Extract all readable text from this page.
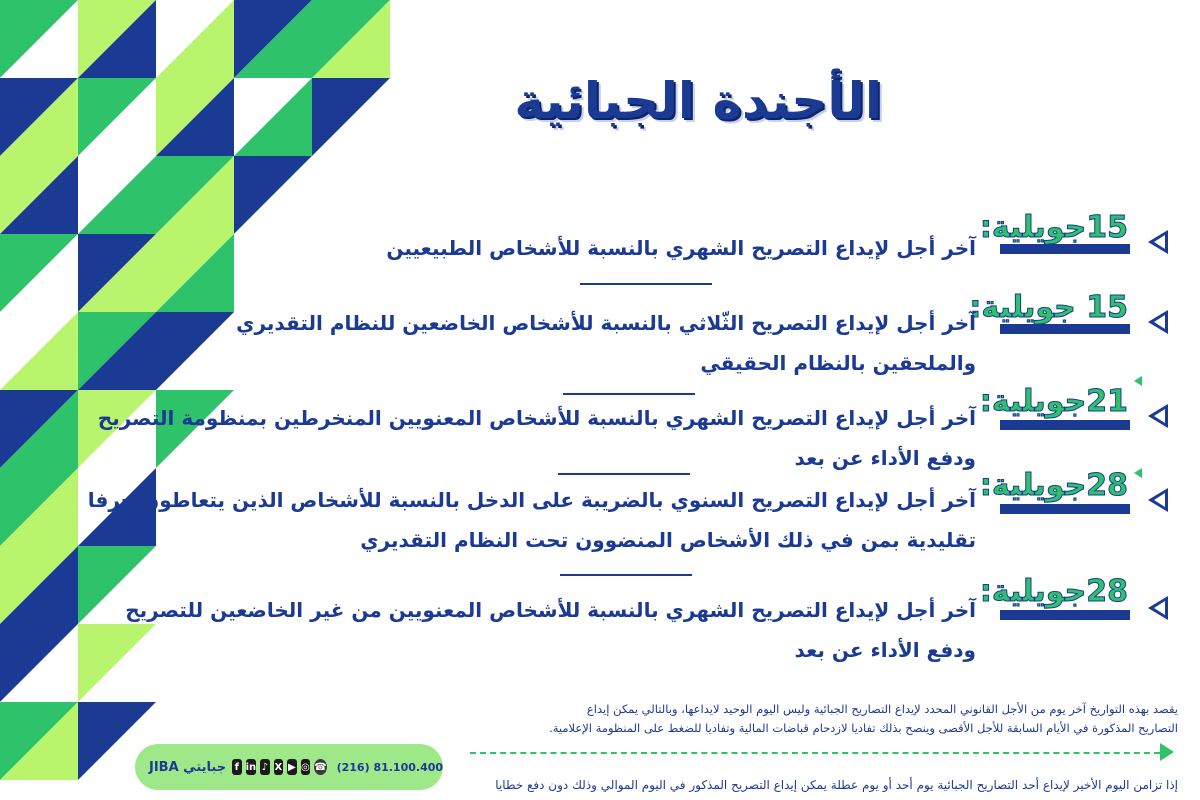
الأجندة الجبائية
15جويلية:
آخر أجل لإيداع التصريح الشهري بالنسبة للأشخاص الطبيعيين
15 جويلية:
آخر أجل لإيداع التصريح الثّلاثي بالنسبة للأشخاص الخاضعين للنظام التقديري
والملحقين بالنظام الحقيقي
21جويلية:
آخر أجل لإيداع التصريح الشهري بالنسبة للأشخاص المعنويين المنخرطين بمنظومة التصريح
ودفع الأداء عن بعد
28جويلية:
آخر أجل لإيداع التصريح السنوي بالضريبة على الدخل بالنسبة للأشخاص الذين يتعاطون حرفا
تقليدية بمن في ذلك الأشخاص المنضوون تحت النظام التقديري
28جويلية:
آخر أجل لإيداع التصريح الشهري بالنسبة للأشخاص المعنويين من غير الخاضعين للتصريح
ودفع الأداء عن بعد
يقصد بهذه التواريخ آخر يوم من الأجل القانوني المحدد لإيداع التصاريح الجبائية وليس اليوم الوحيد لايداعها، وبالتالي يمكن إيداع
التصاريح المذكورة في الأيام السابقة للأجل الأقصى وينصح بذلك تفاديا لازدحام قباضات المالية وتفاديا للضغط على المنظومة الإعلامية.
إذا تزامن اليوم الأخير لإيداع أحد التصاريح الجبائية يوم أحد أو يوم عطلة يمكن إيداع التصريح المذكور في اليوم الموالي وذلك دون دفع خطايا
JIBA جبايتي f in ♪ X ▶ ◎ ☎ (216) 81.100.400
